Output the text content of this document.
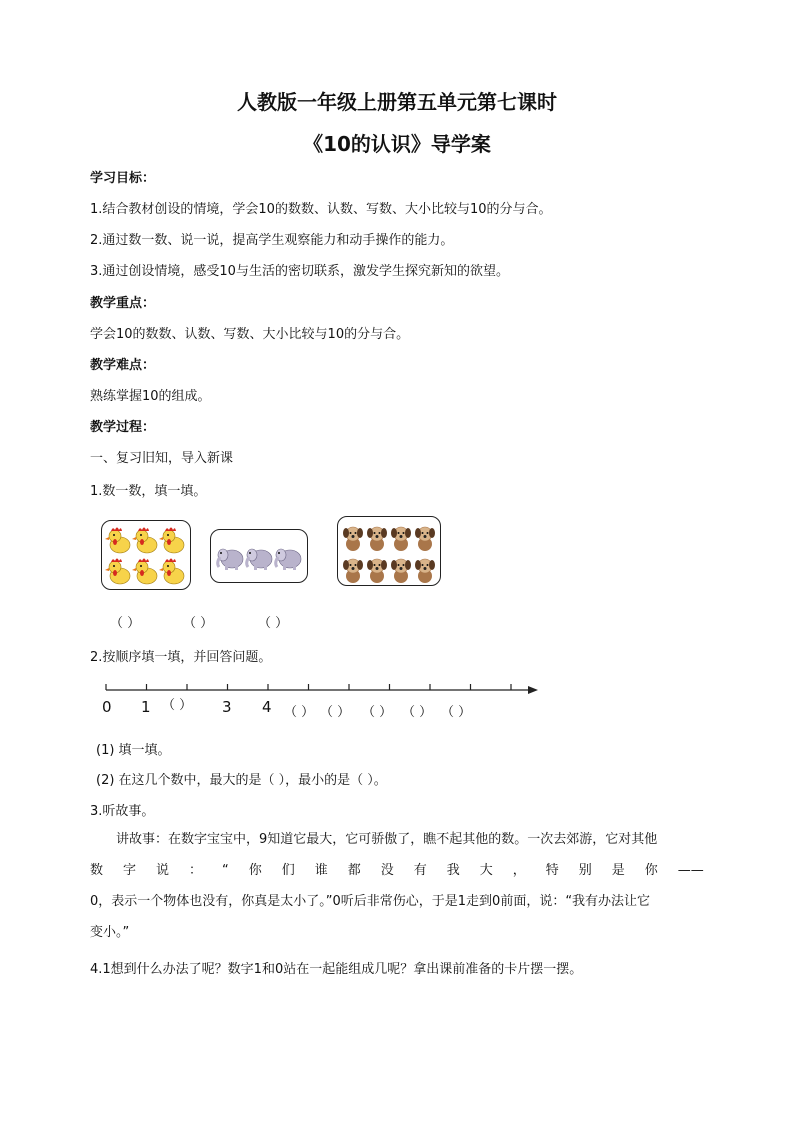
人教版一年级上册第五单元第七课时
《10的认识》导学案
学习目标：
1.结合教材创设的情境，学会10的数数、认数、写数、大小比较与10的分与合。
2.通过数一数、说一说，提高学生观察能力和动手操作的能力。
3.通过创设情境，感受10与生活的密切联系，激发学生探究新知的欲望。
教学重点：
学会10的数数、认数、写数、大小比较与10的分与合。
教学难点：
熟练掌握10的组成。
教学过程：
一、复习旧知，导入新课
1.数一数，填一填。
（ ）	（ ）	（ ）
2.按顺序填一填，并回答问题。
0 1	3 4
（ ）	（ ） （ ） （ ） （ ） （ ）
(1) 填一填。
(2) 在这几个数中，最大的是（ ），最小的是（ ）。
3.听故事。
讲故事：在数字宝宝中，9知道它最大，它可骄傲了，瞧不起其他的数。一次去郊游，它对其他
数 字 说 ： “ 你 们 谁 都 没 有 我 大 ， 特 别 是 你 ——
0，表示一个物体也没有，你真是太小了。”0听后非常伤心，于是1走到0前面，说：“我有办法让它
变小。”
4.1想到什么办法了呢？数字1和0站在一起能组成几呢？拿出课前准备的卡片摆一摆。
